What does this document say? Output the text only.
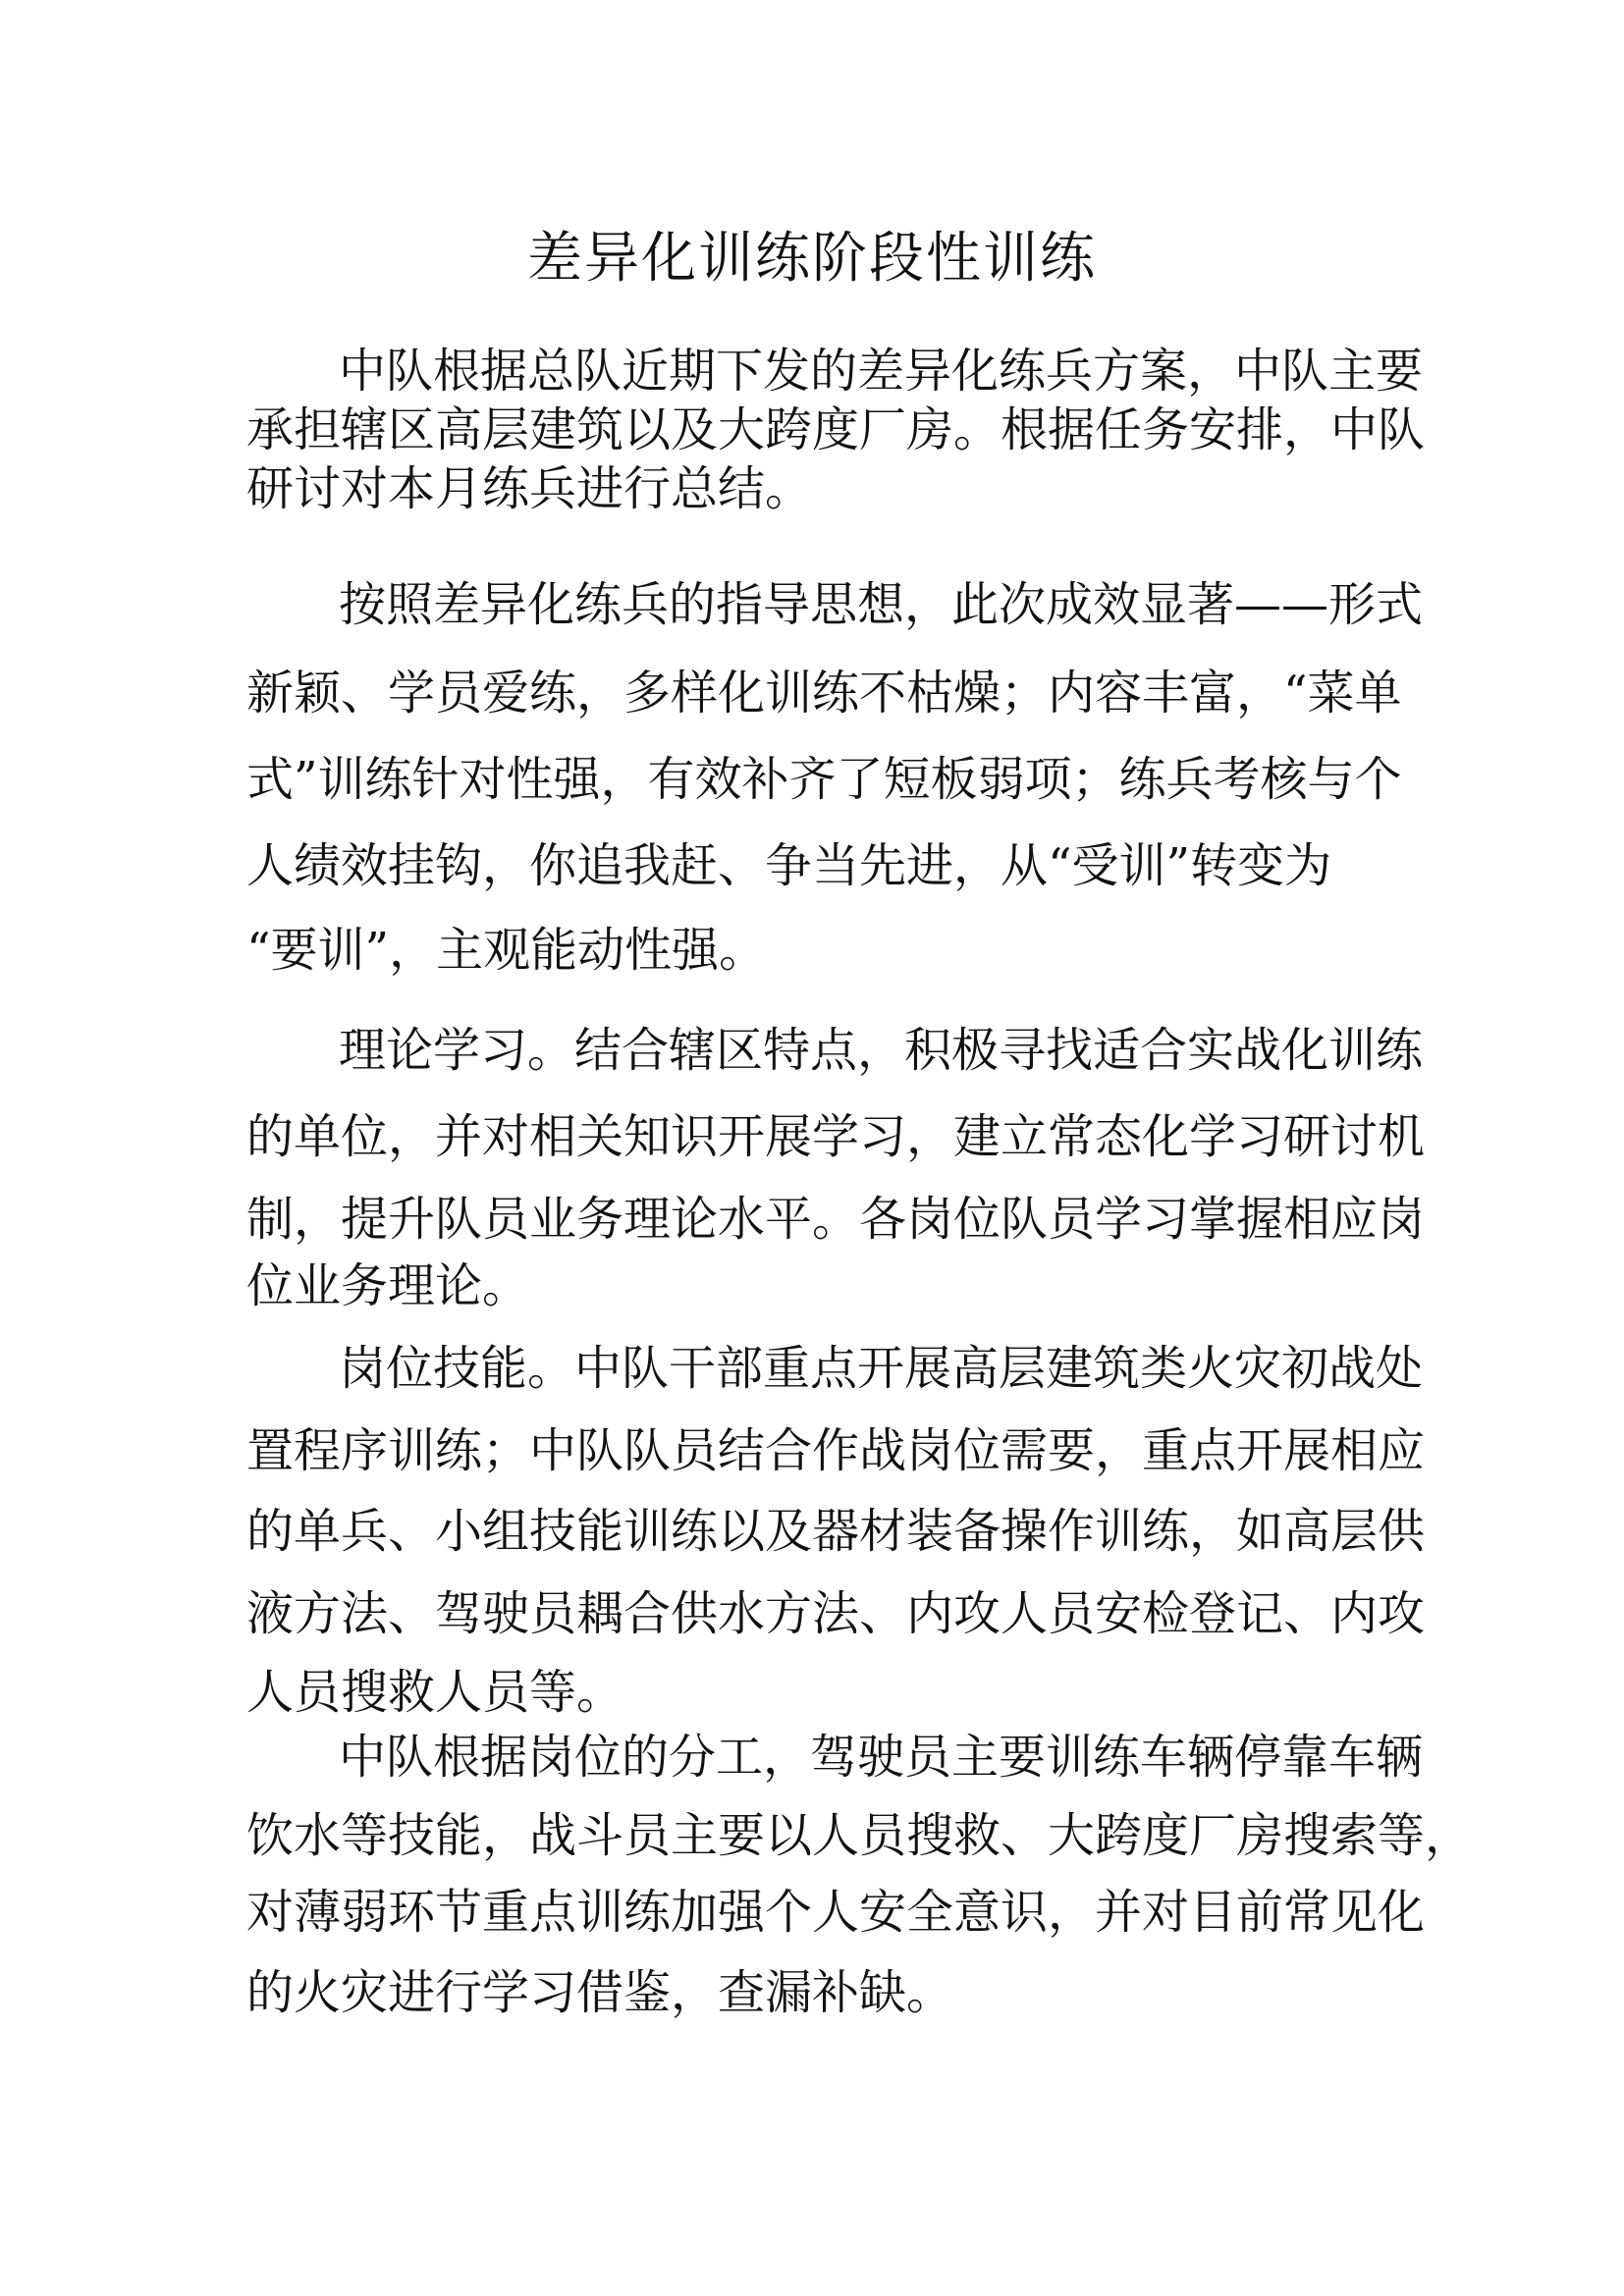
差异化训练阶段性训练
中队根据总队近期下发的差异化练兵方案，中队主要
承担辖区高层建筑以及大跨度厂房。根据任务安排，中队
研讨对本月练兵进行总结。
按照差异化练兵的指导思想，此次成效显著——形式
新颖、学员爱练，多样化训练不枯燥；内容丰富，“菜单
式”训练针对性强，有效补齐了短板弱项；练兵考核与个
人绩效挂钩，你追我赶、争当先进，从“受训”转变为
“要训”，主观能动性强。
理论学习。结合辖区特点，积极寻找适合实战化训练
的单位，并对相关知识开展学习，建立常态化学习研讨机
制，提升队员业务理论水平。各岗位队员学习掌握相应岗
位业务理论。
岗位技能。中队干部重点开展高层建筑类火灾初战处
置程序训练；中队队员结合作战岗位需要，重点开展相应
的单兵、小组技能训练以及器材装备操作训练，如高层供
液方法、驾驶员耦合供水方法、内攻人员安检登记、内攻
人员搜救人员等。
中队根据岗位的分工，驾驶员主要训练车辆停靠车辆
饮水等技能，战斗员主要以人员搜救、大跨度厂房搜索等，
对薄弱环节重点训练加强个人安全意识，并对目前常见化
的火灾进行学习借鉴，查漏补缺。
